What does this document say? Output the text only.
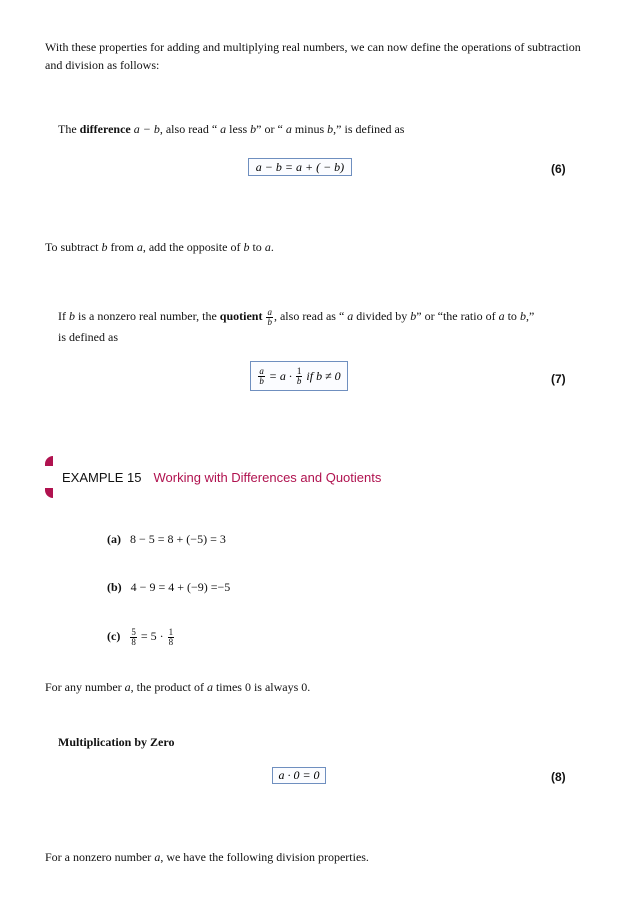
With these properties for adding and multiplying real numbers, we can now define the operations of subtraction and division as follows:
The difference a − b, also read “ a less b” or “ a minus b,” is defined as
a − b = a + ( − b)	(6)
To subtract b from a, add the opposite of b to a.
If b is a nonzero real number, the quotient $\frac{a}{b}$ , also read as “ a divided by b” or “the ratio of a to b,”
is defined as
$\frac{a}{b} = a \cdot \frac{1}{b}$ if b ≠ 0	(7)
EXAMPLE 15 Working with Differences and Quotients
(a) 8 − 5 = 8 + (−5) = 3
(b) 4 − 9 = 4 + (−9) =−5
$(c) \frac{5}{8} = 5 \cdot \frac{1}{8}$
For any number a, the product of a times 0 is always 0.
Multiplication by Zero
a · 0 = 0	(8)
For a nonzero number a, we have the following division properties.
